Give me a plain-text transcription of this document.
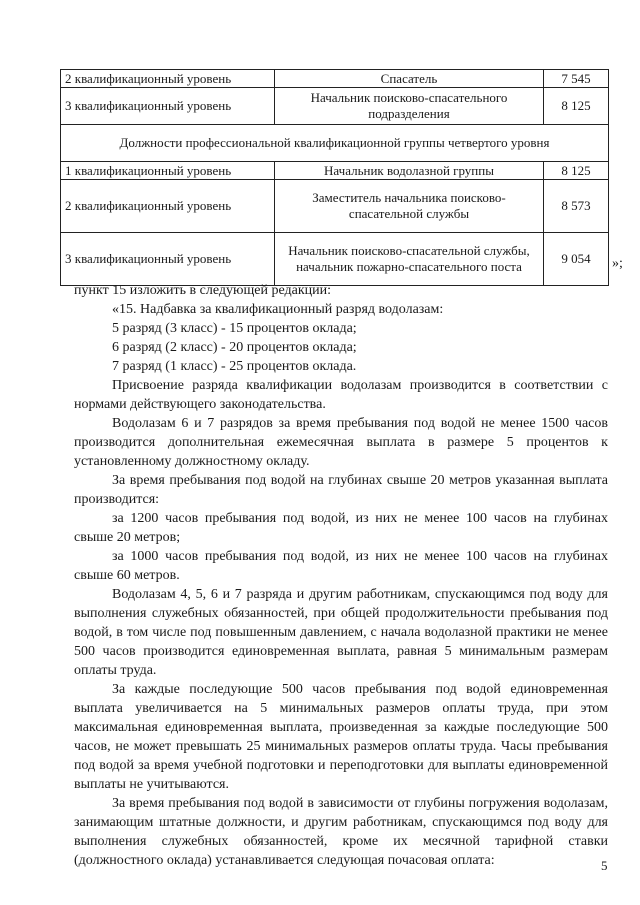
2 квалификационный уровень	Спасатель	7 545
3 квалификационный уровень	Начальник поисково-спасательного подразделения	8 125
Должности профессиональной квалификационной группы четвертого уровня		
1 квалификационный уровень	Начальник водолазной группы	8 125
2 квалификационный уровень	Заместитель начальника поисково-спасательной службы	8 573
3 квалификационный уровень	Начальник поисково-спасательной службы, начальник пожарно-спасательного поста	9 054 »;

пункт 15 изложить в следующей редакции:

«15. Надбавка за квалификационный разряд водолазам:

5 разряд (3 класс) - 15 процентов оклада;

6 разряд (2 класс) - 20 процентов оклада;

7 разряд (1 класс) - 25 процентов оклада.

Присвоение разряда квалификации водолазам производится в соответствии с нормами действующего законодательства.

Водолазам 6 и 7 разрядов за время пребывания под водой не менее 1500 часов производится дополнительная ежемесячная выплата в размере 5 процентов к установленному должностному окладу.

За время пребывания под водой на глубинах свыше 20 метров указанная выплата производится:

за 1200 часов пребывания под водой, из них не менее 100 часов на глубинах свыше 20 метров;

за 1000 часов пребывания под водой, из них не менее 100 часов на глубинах свыше 60 метров.

Водолазам 4, 5, 6 и 7 разряда и другим работникам, спускающимся под воду для выполнения служебных обязанностей, при общей продолжительности пребывания под водой, в том числе под повышенным давлением, с начала водолазной практики не менее 500 часов производится единовременная выплата, равная 5 минимальным размерам оплаты труда.

За каждые последующие 500 часов пребывания под водой единовременная выплата увеличивается на 5 минимальных размеров оплаты труда, при этом максимальная единовременная выплата, произведенная за каждые последующие 500 часов, не может превышать 25 минимальных размеров оплаты труда. Часы пребывания под водой за время учебной подготовки и переподготовки для выплаты единовременной выплаты не учитываются.

За время пребывания под водой в зависимости от глубины погружения водолазам, занимающим штатные должности, и другим работникам, спускающимся под воду для выполнения служебных обязанностей, кроме их месячной тарифной ставки (должностного оклада) устанавливается следующая почасовая оплата:	5
